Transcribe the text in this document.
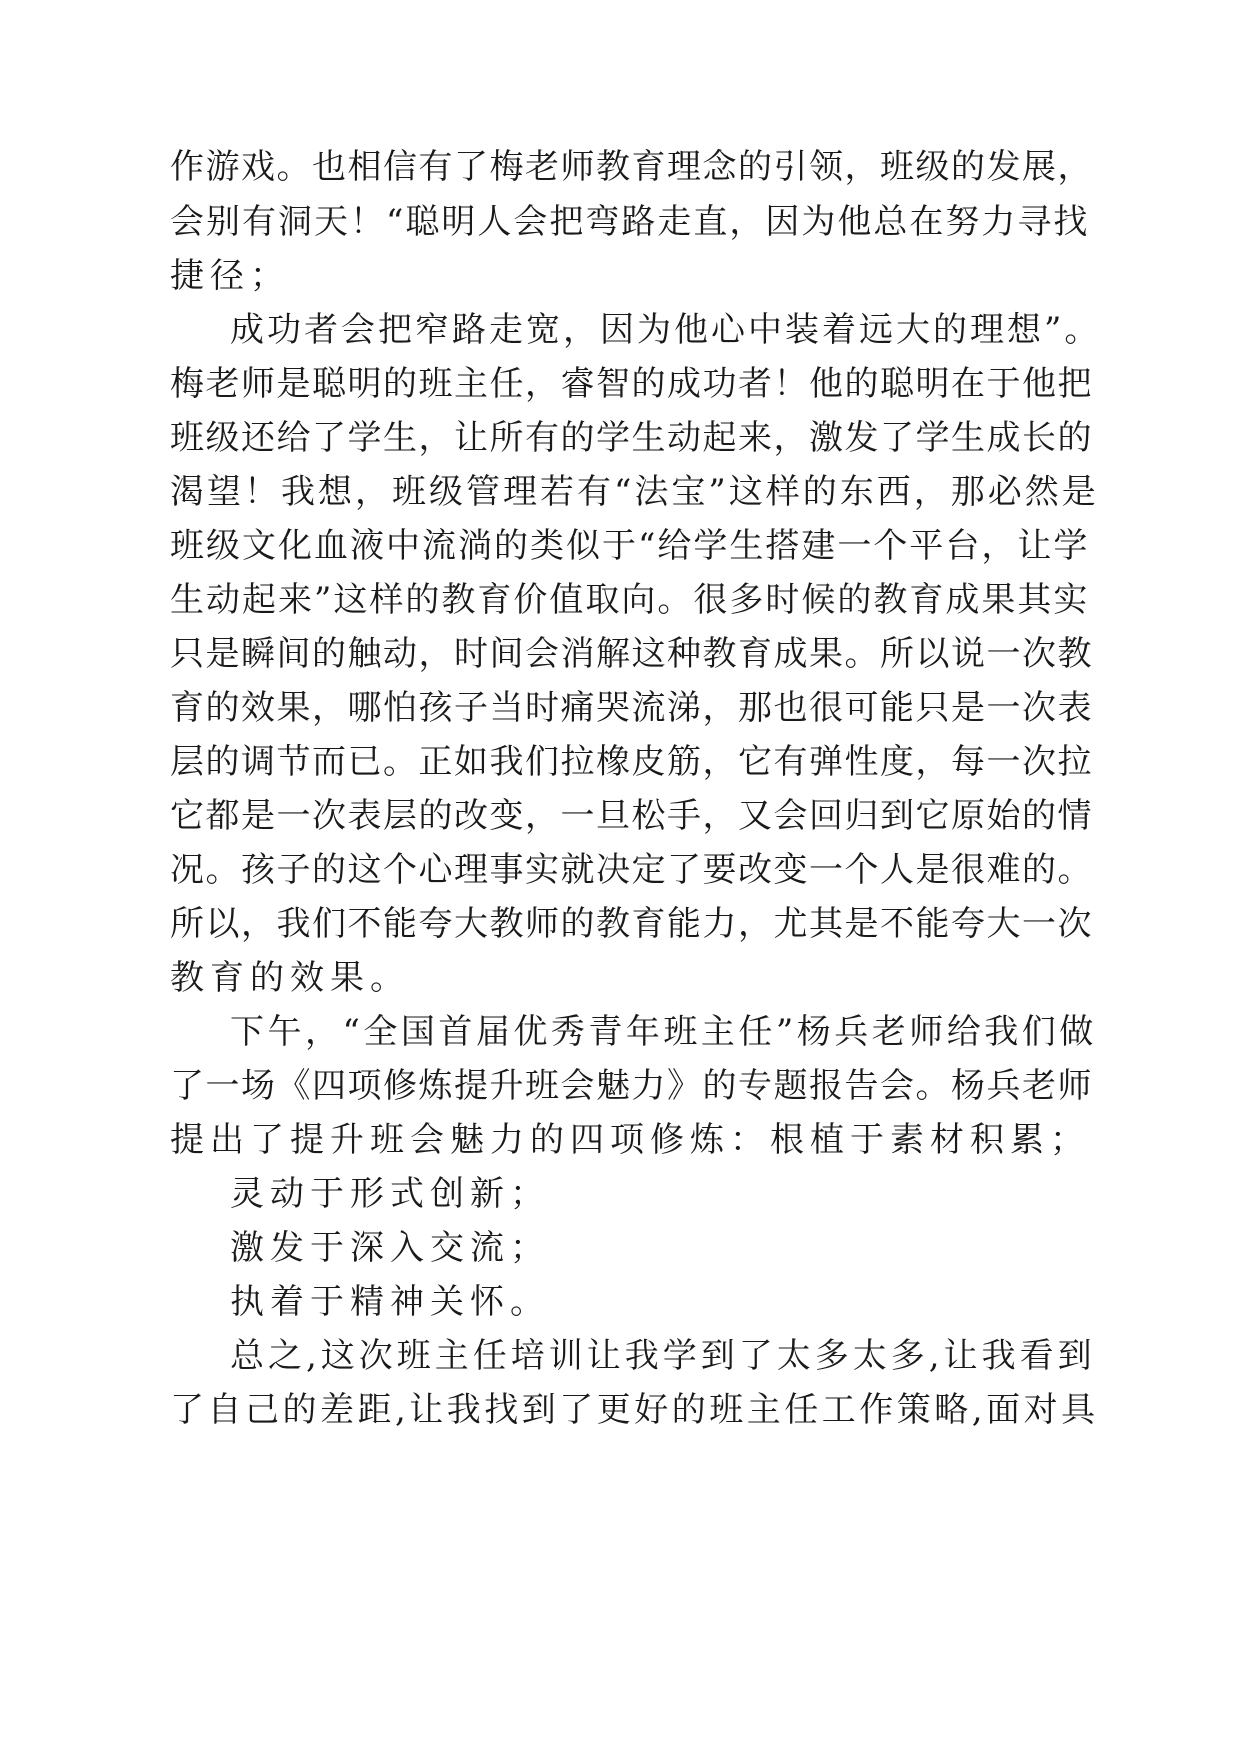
作游戏。也相信有了梅老师教育理念的引领，班级的发展，
会别有洞天！“聪明人会把弯路走直，因为他总在努力寻找
捷径；
成功者会把窄路走宽，因为他心中装着远大的理想”。
梅老师是聪明的班主任，睿智的成功者！他的聪明在于他把
班级还给了学生，让所有的学生动起来，激发了学生成长的
渴望！我想，班级管理若有“法宝”这样的东西，那必然是
班级文化血液中流淌的类似于“给学生搭建一个平台，让学
生动起来”这样的教育价值取向。很多时候的教育成果其实
只是瞬间的触动，时间会消解这种教育成果。所以说一次教
育的效果，哪怕孩子当时痛哭流涕，那也很可能只是一次表
层的调节而已。正如我们拉橡皮筋，它有弹性度，每一次拉
它都是一次表层的改变，一旦松手，又会回归到它原始的情
况。孩子的这个心理事实就决定了要改变一个人是很难的。
所以，我们不能夸大教师的教育能力，尤其是不能夸大一次
教育的效果。
下午，“全国首届优秀青年班主任”杨兵老师给我们做
了一场《四项修炼提升班会魅力》的专题报告会。杨兵老师
提出了提升班会魅力的四项修炼：根植于素材积累；
灵动于形式创新；
激发于深入交流；
执着于精神关怀。
总之,这次班主任培训让我学到了太多太多,让我看到
了自己的差距,让我找到了更好的班主任工作策略,面对具
